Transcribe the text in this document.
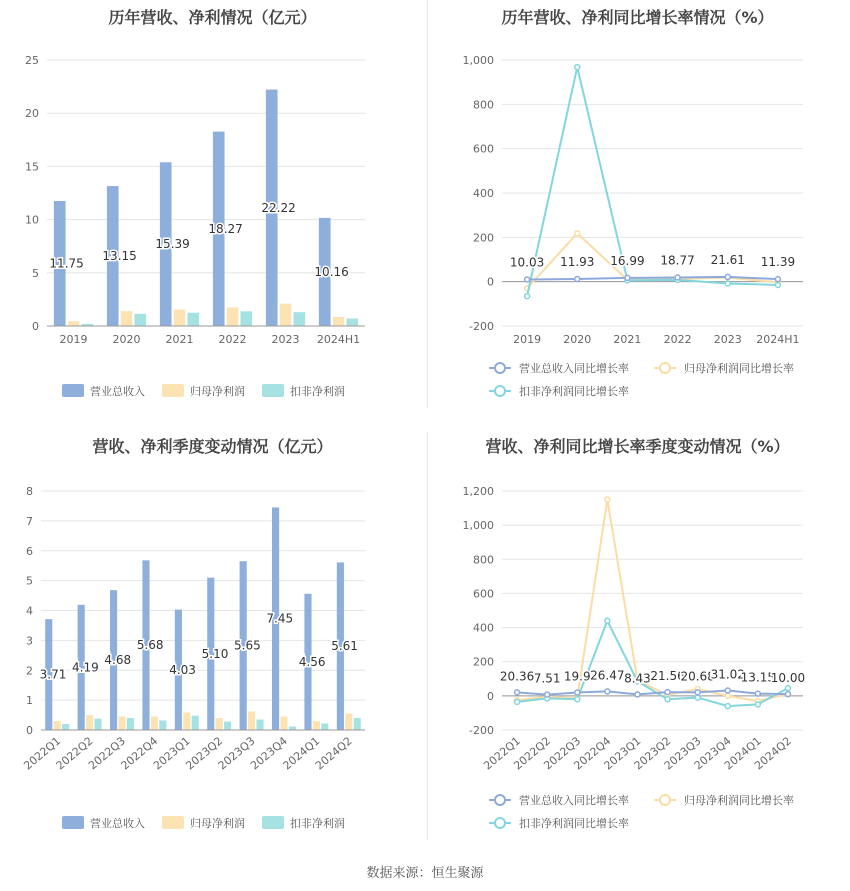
历年营收、净利情况（亿元）
0
5
10
15
20
25
2019 2020 2021 2022 2023 2024H1
11.75
13.15
15.39
18.27
22.22
10.16
营业总收入	归母净利润	扣非净利润
历年营收、净利同比增长率情况（%）
-200
0
200
400
600
800
1,000
2019 2020 2021 2022 2023 2024H1
10.03 11.93 16.99 18.77 21.61 11.39
营业总收入同比增长率	归母净利润同比增长率
扣非净利润同比增长率
营收、净利季度变动情况（亿元）
0
1
2
3
4
5
6
7
8
2022Q1
2022Q2
2022Q3
2022Q4
2023Q1
2023Q2
2023Q3
2023Q4
2024Q1
2024Q2
3.71
4.19
4.68
5.68
4.03
5.10
5.65
7.45
4.56
5.61
营业总收入	归母净利润	扣非净利润
营收、净利同比增长率季度变动情况（%）
-200
0
200
400
600
800
1,000
1,200
2022Q1
2022Q2
2022Q3
2022Q4
2023Q1
2023Q2
2023Q3
2023Q4
2024Q1
2024Q2
20.36 7.51 19.9 26.47 8.43 21.56
20.68
31.02
13.15
10.00
营业总收入同比增长率	归母净利润同比增长率
扣非净利润同比增长率
数据来源：恒生聚源
